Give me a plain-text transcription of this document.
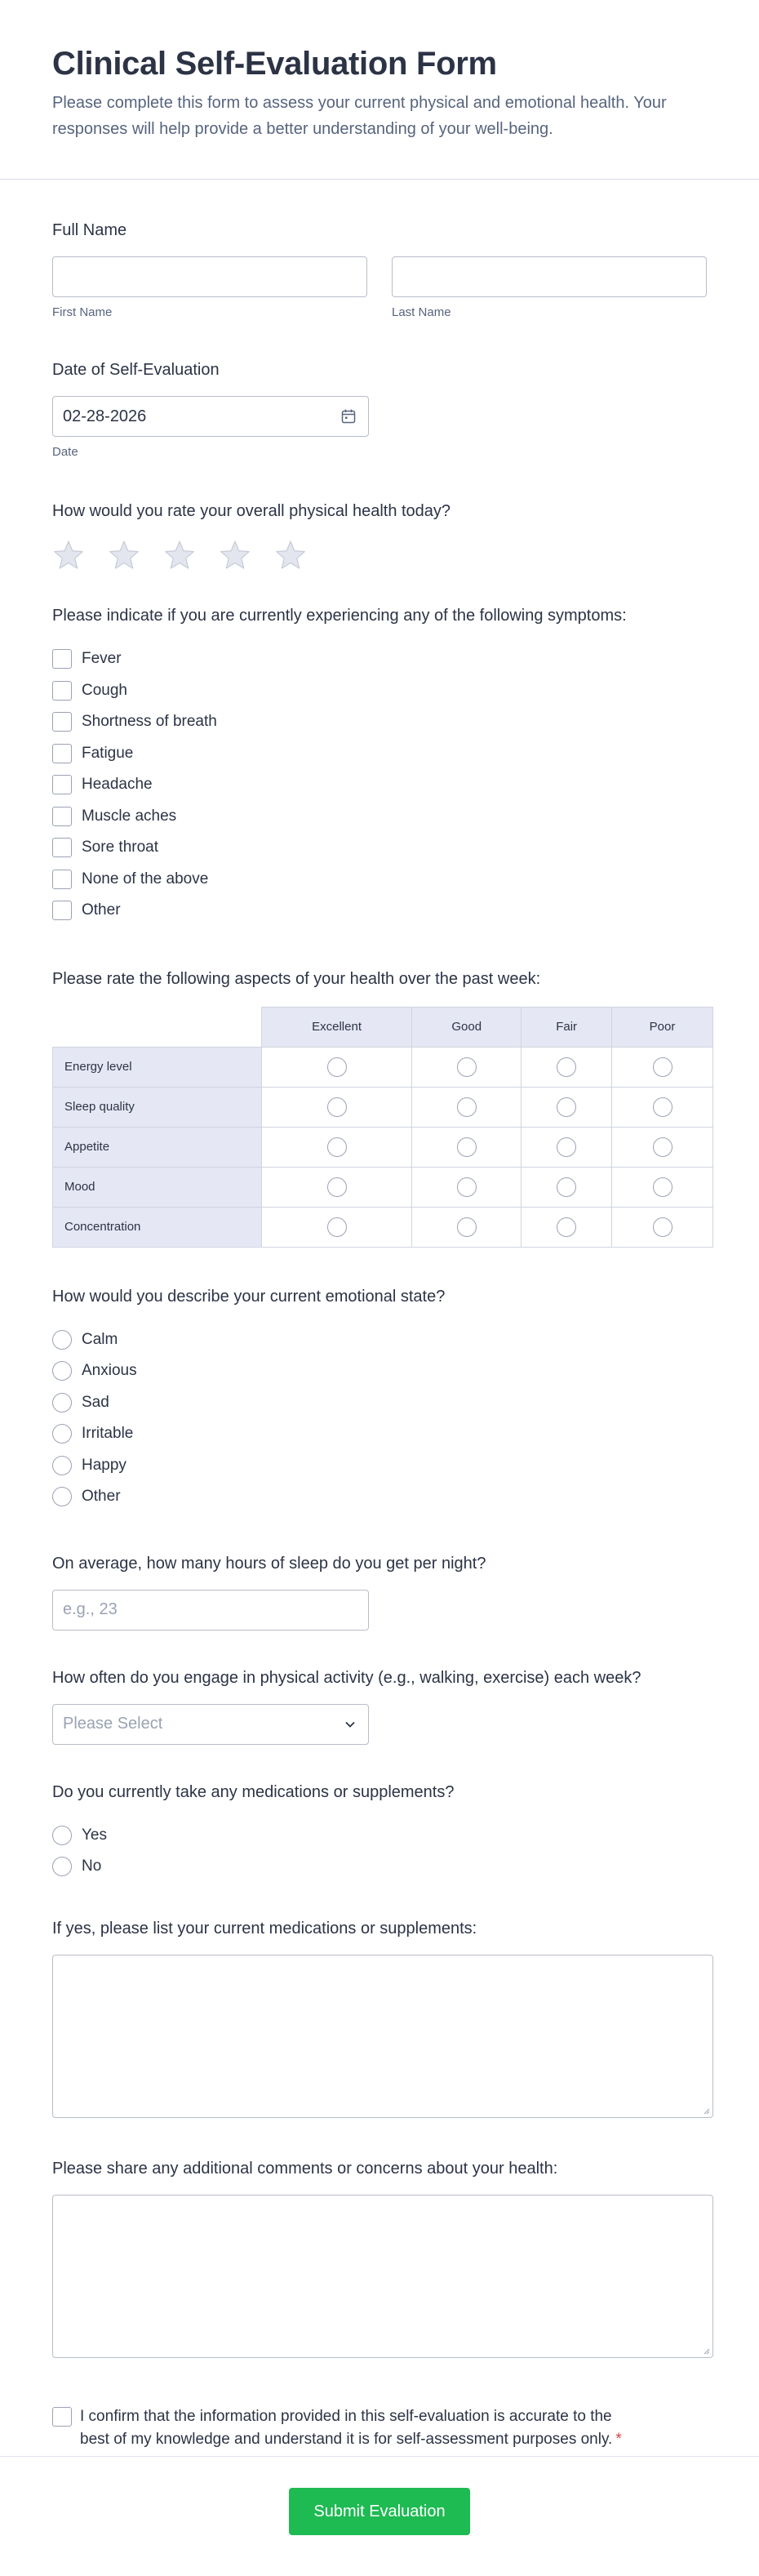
Clinical Self-Evaluation Form

Please complete this form to assess your current physical and emotional health. Your responses will help provide a better understanding of your well-being.

Full Name
First Name	Last Name
Date of Self-Evaluation
02-28-2026
Date
How would you rate your overall physical health today?
Please indicate if you are currently experiencing any of the following symptoms:
Fever
Cough
Shortness of breath
Fatigue
Headache
Muscle aches
Sore throat
None of the above
Other
Please rate the following aspects of your health over the past week:
	Excellent	Good	Fair	Poor
Energy level				
Sleep quality				
Appetite				
Mood				
Concentration				
How would you describe your current emotional state?
Calm
Anxious
Sad
Irritable
Happy
Other
On average, how many hours of sleep do you get per night?
e.g., 23
How often do you engage in physical activity (e.g., walking, exercise) each week?
Please Select
Do you currently take any medications or supplements?
Yes
No
If yes, please list your current medications or supplements:
Please share any additional comments or concerns about your health:
I confirm that the information provided in this self-evaluation is accurate to the best of my knowledge and understand it is for self-assessment purposes only. *
Submit Evaluation
